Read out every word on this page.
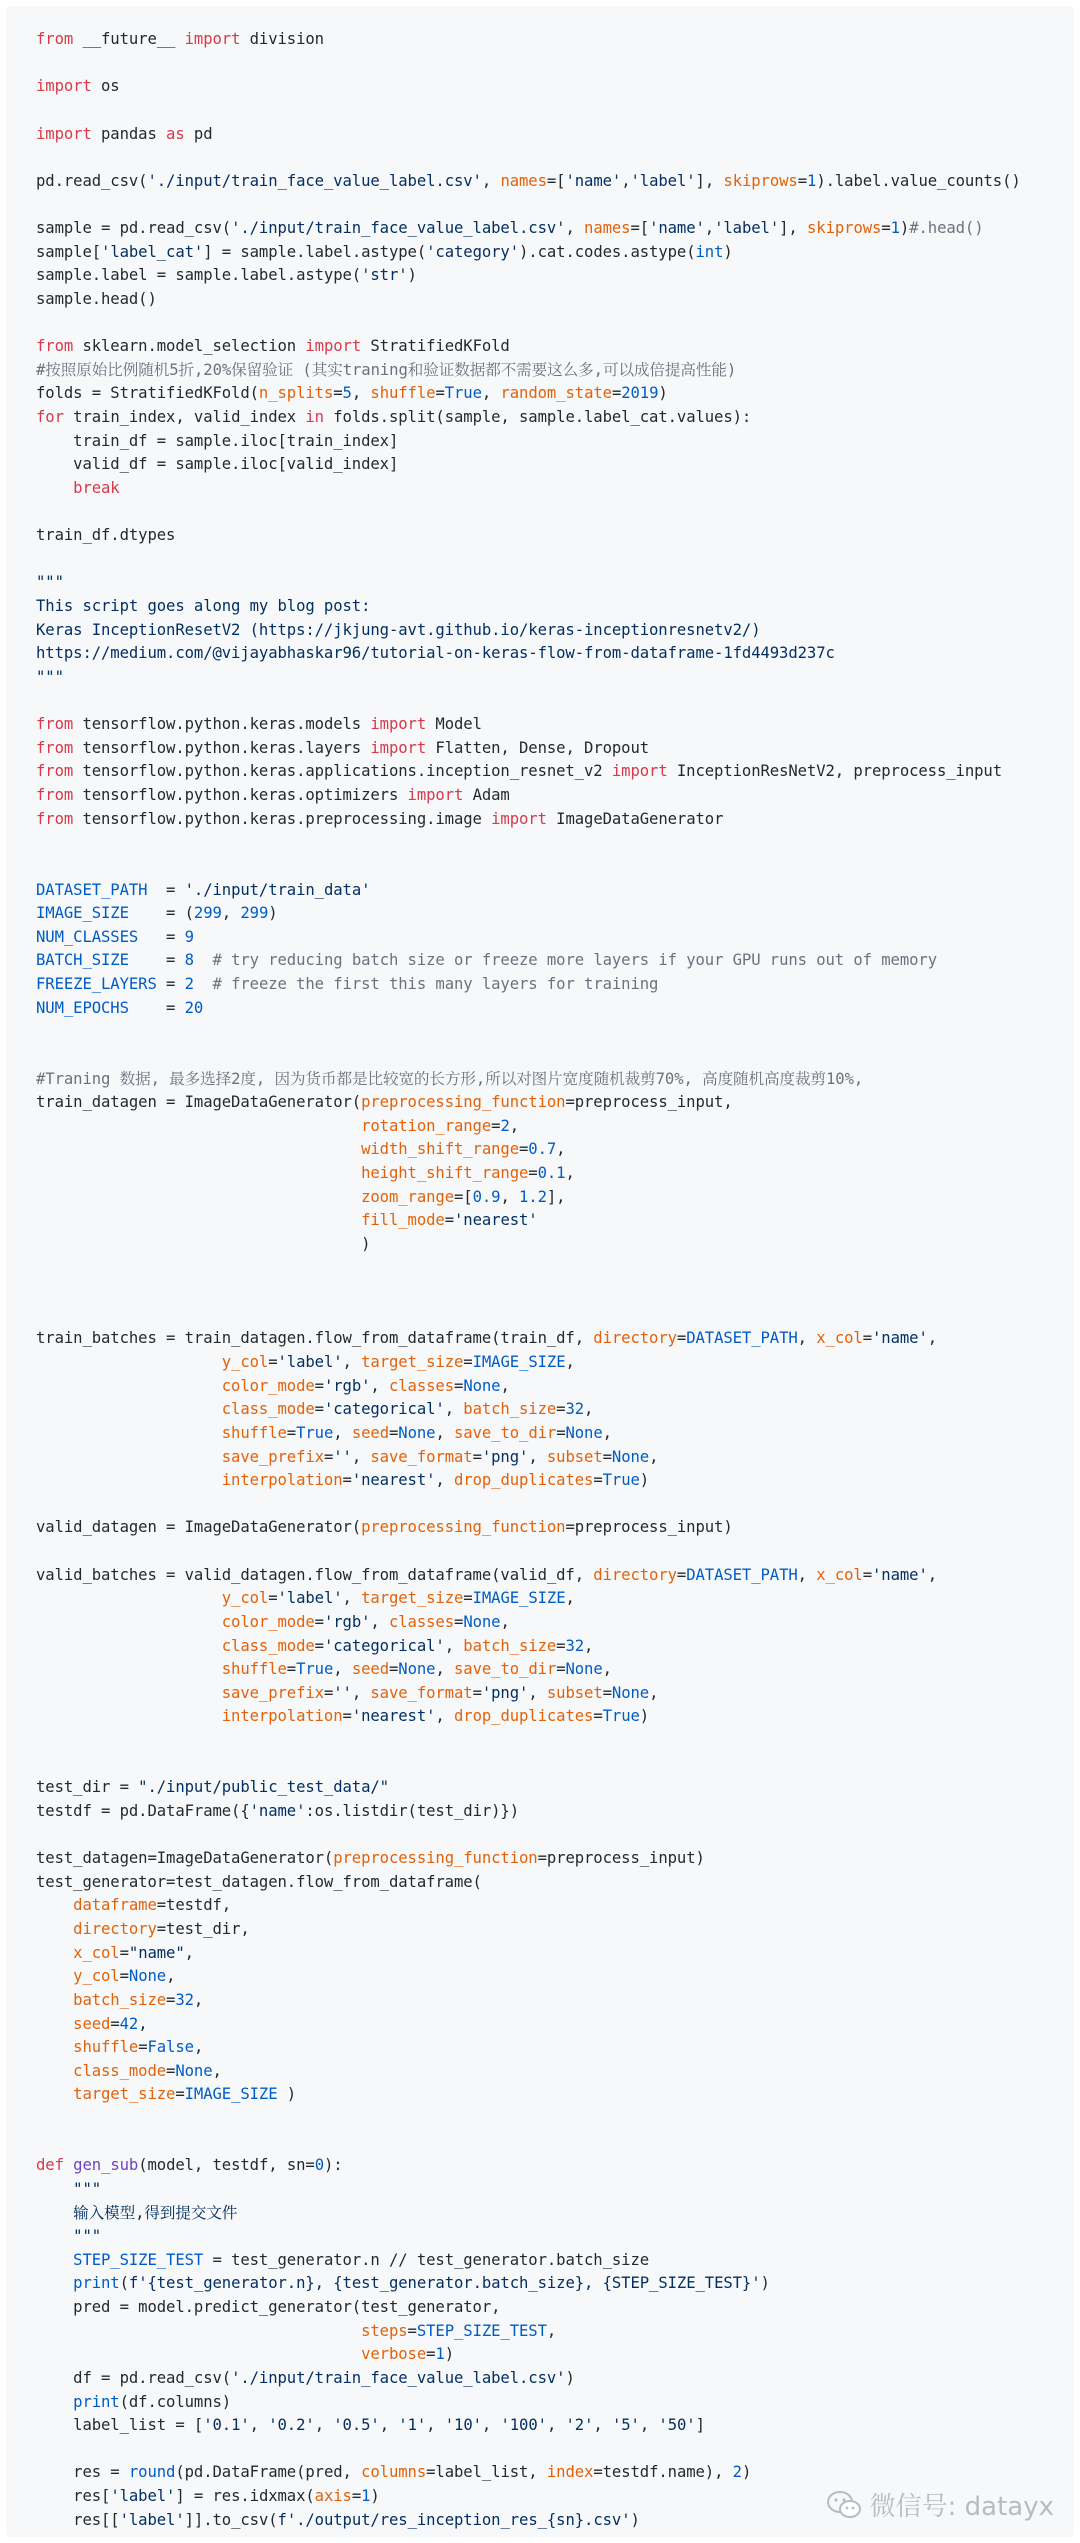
from __future__ import division
import os
import pandas as pd
pd.read_csv('./input/train_face_value_label.csv', names=['name','label'], skiprows=1).label.value_counts()
sample = pd.read_csv('./input/train_face_value_label.csv', names=['name','label'], skiprows=1)#.head()
sample['label_cat'] = sample.label.astype('category').cat.codes.astype(int)
sample.label = sample.label.astype('str')
sample.head()
from sklearn.model_selection import StratifiedKFold
#按照原始比例随机5折,20%保留验证 (其实traning和验证数据都不需要这么多,可以成倍提高性能)
folds = StratifiedKFold(n_splits=5, shuffle=True, random_state=2019)
for train_index, valid_index in folds.split(sample, sample.label_cat.values):
train_df = sample.iloc[train_index]
valid_df = sample.iloc[valid_index]
break
train_df.dtypes
"""
This script goes along my blog post:
Keras InceptionResetV2 (https://jkjung-avt.github.io/keras-inceptionresnetv2/)
https://medium.com/@vijayabhaskar96/tutorial-on-keras-flow-from-dataframe-1fd4493d237c
"""
from tensorflow.python.keras.models import Model
from tensorflow.python.keras.layers import Flatten, Dense, Dropout
from tensorflow.python.keras.applications.inception_resnet_v2 import InceptionResNetV2, preprocess_input
from tensorflow.python.keras.optimizers import Adam
from tensorflow.python.keras.preprocessing.image import ImageDataGenerator
DATASET_PATH  = './input/train_data'
IMAGE_SIZE    = (299, 299)
NUM_CLASSES   = 9
BATCH_SIZE    = 8 # try reducing batch size or freeze more layers if your GPU runs out of memory
FREEZE_LAYERS = 2 # freeze the first this many layers for training
NUM_EPOCHS    = 20
#Traning 数据, 最多选择2度, 因为货币都是比较宽的长方形,所以对图片宽度随机裁剪70%, 高度随机高度裁剪10%,
train_datagen = ImageDataGenerator(preprocessing_function=preprocess_input,
rotation_range=2,
width_shift_range=0.7,
height_shift_range=0.1,
zoom_range=[0.9, 1.2],
fill_mode='nearest'
)
train_batches = train_datagen.flow_from_dataframe(train_df, directory=DATASET_PATH, x_col='name',
y_col='label', target_size=IMAGE_SIZE,
color_mode='rgb', classes=None,
class_mode='categorical', batch_size=32,
shuffle=True, seed=None, save_to_dir=None,
save_prefix='', save_format='png', subset=None,
interpolation='nearest', drop_duplicates=True)
valid_datagen = ImageDataGenerator(preprocessing_function=preprocess_input)
valid_batches = valid_datagen.flow_from_dataframe(valid_df, directory=DATASET_PATH, x_col='name',
y_col='label', target_size=IMAGE_SIZE,
color_mode='rgb', classes=None,
class_mode='categorical', batch_size=32,
shuffle=True, seed=None, save_to_dir=None,
save_prefix='', save_format='png', subset=None,
interpolation='nearest', drop_duplicates=True)
test_dir = "./input/public_test_data/"
testdf = pd.DataFrame({'name':os.listdir(test_dir)})
test_datagen=ImageDataGenerator(preprocessing_function=preprocess_input)
test_generator=test_datagen.flow_from_dataframe(
dataframe=testdf,
directory=test_dir,
x_col="name",
y_col=None,
batch_size=32,
seed=42,
shuffle=False,
class_mode=None,
target_size=IMAGE_SIZE )
def gen_sub(model, testdf, sn=0):
"""
输入模型,得到提交文件
"""
STEP_SIZE_TEST = test_generator.n // test_generator.batch_size
print(f'{test_generator.n}, {test_generator.batch_size}, {STEP_SIZE_TEST}')
pred = model.predict_generator(test_generator,
steps=STEP_SIZE_TEST,
verbose=1)
df = pd.read_csv('./input/train_face_value_label.csv')
print(df.columns)
label_list = ['0.1', '0.2', '0.5', '1', '10', '100', '2', '5', '50']
res = round(pd.DataFrame(pred, columns=label_list, index=testdf.name), 2)
res['label'] = res.idxmax(axis=1)
res[['label']].to_csv(f'./output/res_inception_res_{sn}.csv')	微信号: datayx
